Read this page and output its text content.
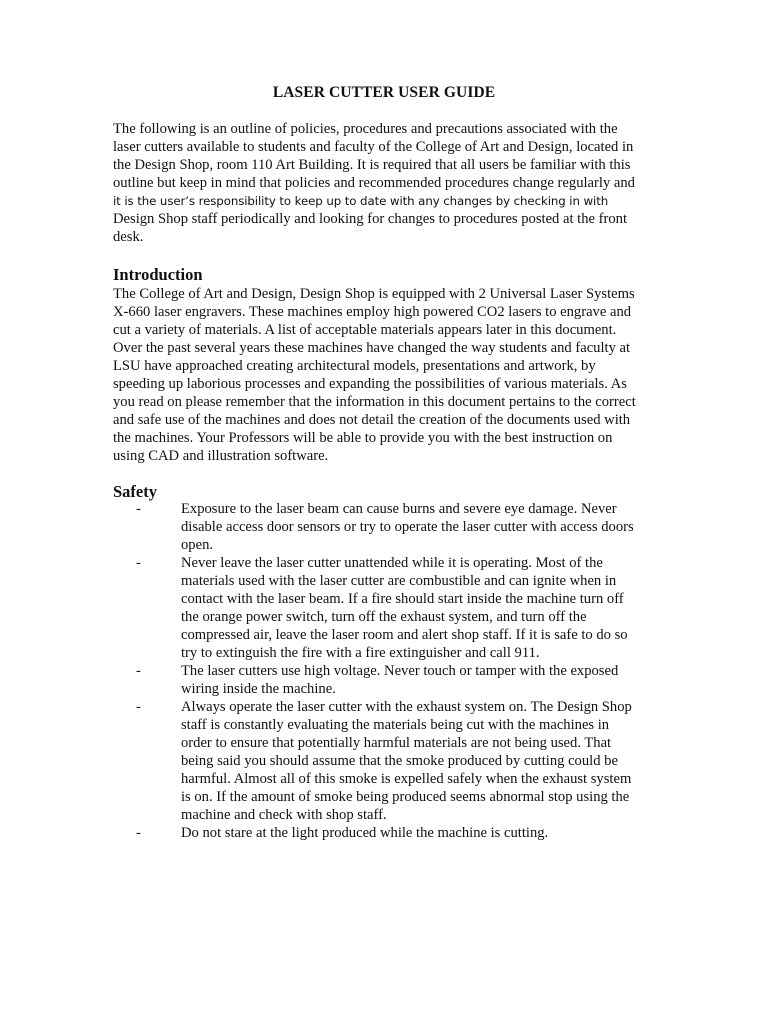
LASER CUTTER USER GUIDE
The following is an outline of policies, procedures and precautions associated with the
laser cutters available to students and faculty of the College of Art and Design, located in
the Design Shop, room 110 Art Building. It is required that all users be familiar with this
outline but keep in mind that policies and recommended procedures change regularly and
it is the user’s responsibility to keep up to date with any changes by checking in with
Design Shop staff periodically and looking for changes to procedures posted at the front
desk.
Introduction
The College of Art and Design, Design Shop is equipped with 2 Universal Laser Systems
X-660 laser engravers. These machines employ high powered CO2 lasers to engrave and
cut a variety of materials. A list of acceptable materials appears later in this document.
Over the past several years these machines have changed the way students and faculty at
LSU have approached creating architectural models, presentations and artwork, by
speeding up laborious processes and expanding the possibilities of various materials. As
you read on please remember that the information in this document pertains to the correct
and safe use of the machines and does not detail the creation of the documents used with
the machines. Your Professors will be able to provide you with the best instruction on
using CAD and illustration software.
Safety
-	Exposure to the laser beam can cause burns and severe eye damage. Never
disable access door sensors or try to operate the laser cutter with access doors
open.
-	Never leave the laser cutter unattended while it is operating. Most of the
materials used with the laser cutter are combustible and can ignite when in
contact with the laser beam. If a fire should start inside the machine turn off
the orange power switch, turn off the exhaust system, and turn off the
compressed air, leave the laser room and alert shop staff. If it is safe to do so
try to extinguish the fire with a fire extinguisher and call 911.
-	The laser cutters use high voltage. Never touch or tamper with the exposed
wiring inside the machine.
-	Always operate the laser cutter with the exhaust system on. The Design Shop
staff is constantly evaluating the materials being cut with the machines in
order to ensure that potentially harmful materials are not being used. That
being said you should assume that the smoke produced by cutting could be
harmful. Almost all of this smoke is expelled safely when the exhaust system
is on. If the amount of smoke being produced seems abnormal stop using the
machine and check with shop staff.
-	Do not stare at the light produced while the machine is cutting.
